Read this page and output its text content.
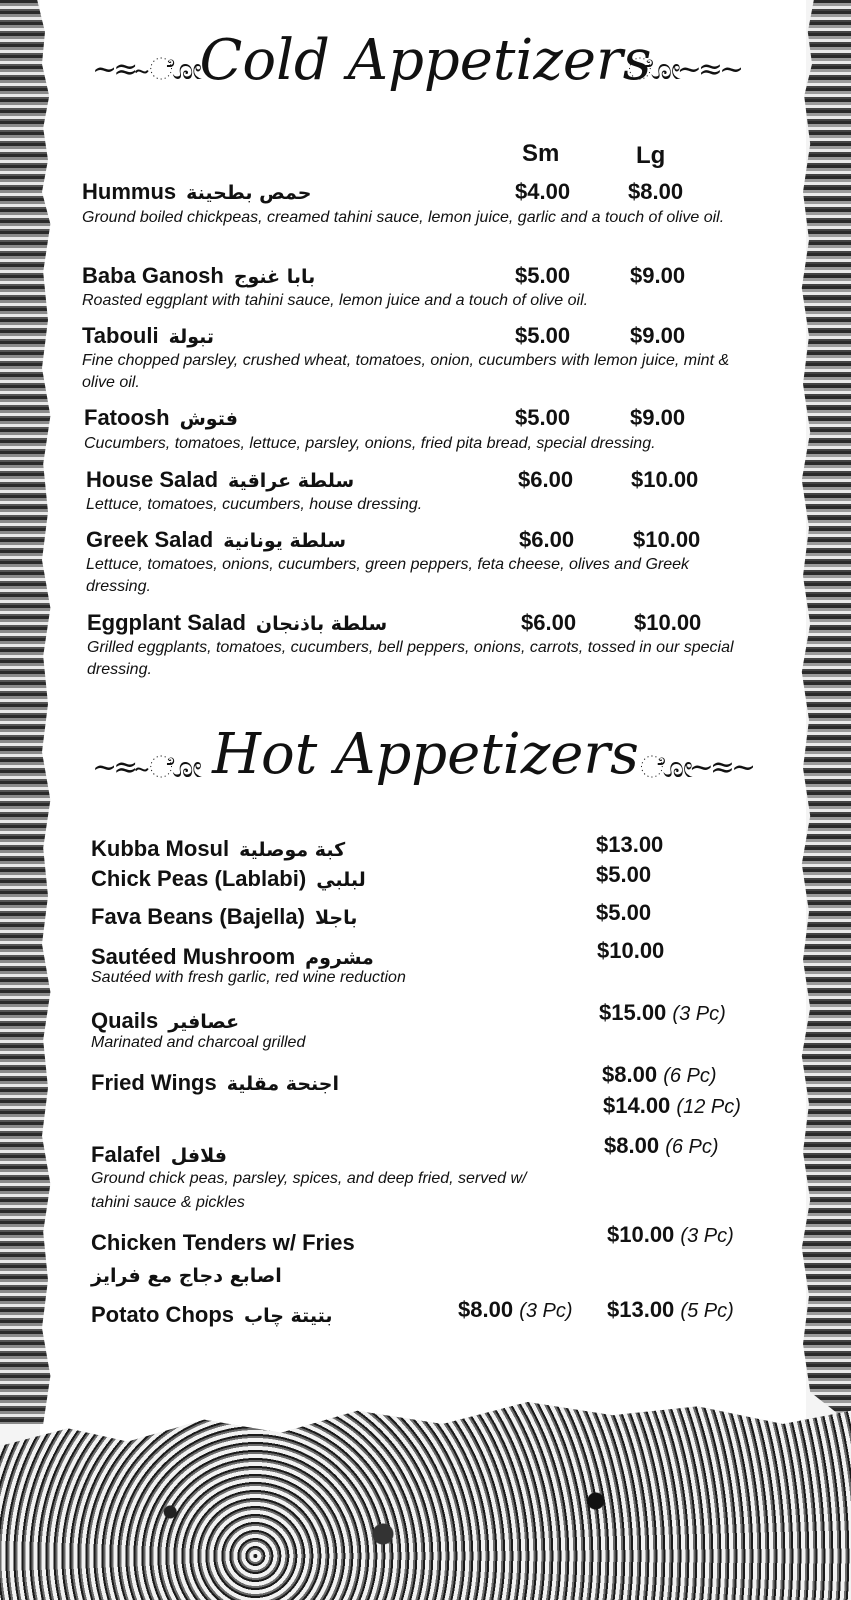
~≈~ೋ Cold Appetizers
ೋ~≈~
Sm	Lg
Hummus حمص بطحينة	$4.00	$8.00
Ground boiled chickpeas, creamed tahini sauce, lemon juice, garlic and a touch of olive oil.
Baba Ganosh بابا غنوج	$5.00	$9.00
Roasted eggplant with tahini sauce, lemon juice and a touch of olive oil.
Tabouli تبولة	$5.00	$9.00
Fine chopped parsley, crushed wheat, tomatoes, onion, cucumbers with lemon juice, mint & olive oil.
Fatoosh فتوش	$5.00	$9.00
Cucumbers, tomatoes, lettuce, parsley, onions, fried pita bread, special dressing.
House Salad سلطة عراقية	$6.00	$10.00
Lettuce, tomatoes, cucumbers, house dressing.
Greek Salad سلطة يونانية	$6.00	$10.00
Lettuce, tomatoes, onions, cucumbers, green peppers, feta cheese, olives and Greek dressing.
Eggplant Salad سلطة باذنجان	$6.00	$10.00
Grilled eggplants, tomatoes, cucumbers, bell peppers, onions, carrots, tossed in our special dressing.
~≈~ೋ Hot Appetizers ೋ~≈~
Kubba Mosul كبة موصلية	$13.00
Chick Peas (Lablabi) لبلبي	$5.00
Fava Beans (Bajella) باجلا	$5.00
Sautéed Mushroom مشروم	$10.00
Sautéed with fresh garlic, red wine reduction
Quails عصافير	$15.00 (3 Pc)
Marinated and charcoal grilled
Fried Wings اجنحة مقلية	$8.00 (6 Pc)
$14.00 (12 Pc)
Falafel فلافل	$8.00 (6 Pc)
Ground chick peas, parsley, spices, and deep fried, served w/ tahini sauce & pickles
Chicken Tenders w/ Fries
اصابع دجاج مع فرايز
$10.00 (3 Pc)
Potato Chops بتيتة چاب	$8.00 (3 Pc) $13.00 (5 Pc)
